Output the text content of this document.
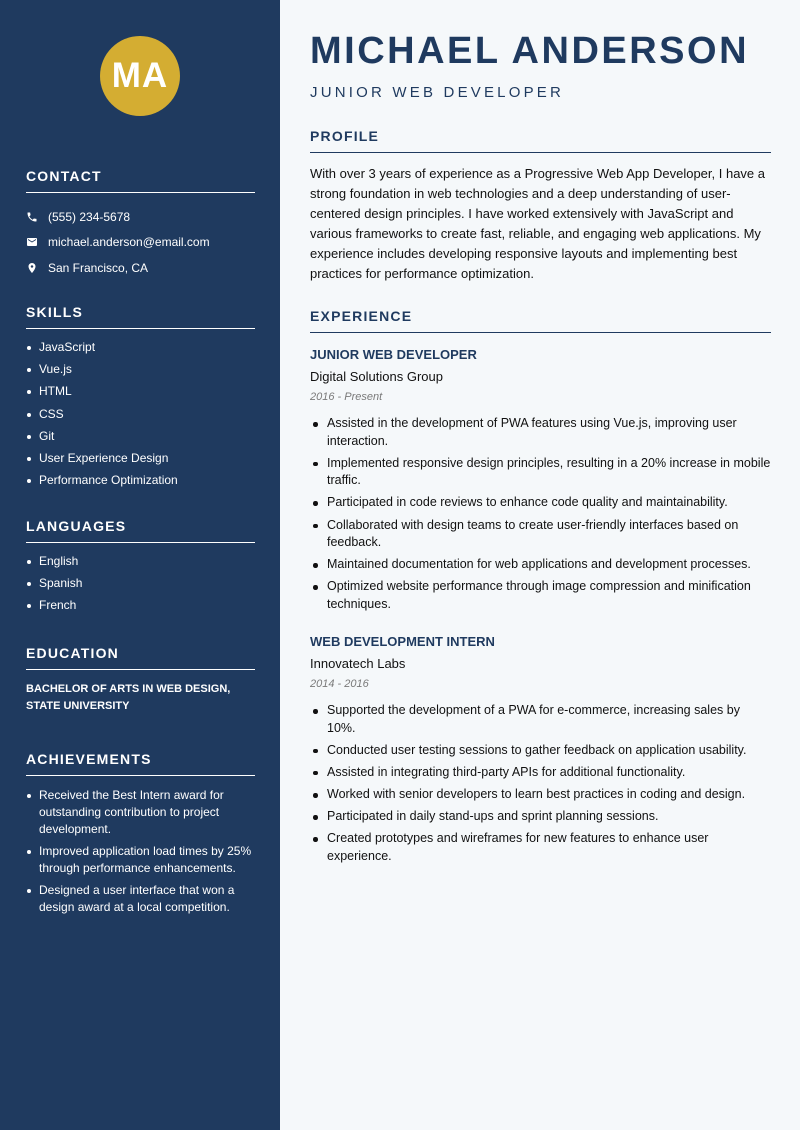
MA
CONTACT
(555) 234-5678
michael.anderson@email.com
San Francisco, CA
SKILLS
JavaScript
Vue.js
HTML
CSS
Git
User Experience Design
Performance Optimization
LANGUAGES
English
Spanish
French
EDUCATION
BACHELOR OF ARTS IN WEB DESIGN, STATE UNIVERSITY
ACHIEVEMENTS
Received the Best Intern award for outstanding contribution to project development.
Improved application load times by 25% through performance enhancements.
Designed a user interface that won a design award at a local competition.
MICHAEL ANDERSON
JUNIOR WEB DEVELOPER
PROFILE

With over 3 years of experience as a Progressive Web App Developer, I have a strong foundation in web technologies and a deep understanding of user-centered design principles. I have worked extensively with JavaScript and various frameworks to create fast, reliable, and engaging web applications. My experience includes developing responsive layouts and implementing best practices for performance optimization.

EXPERIENCE
JUNIOR WEB DEVELOPER
Digital Solutions Group
2016 - Present
Assisted in the development of PWA features using Vue.js, improving user interaction.
Implemented responsive design principles, resulting in a 20% increase in mobile traffic.
Participated in code reviews to enhance code quality and maintainability.
Collaborated with design teams to create user-friendly interfaces based on feedback.
Maintained documentation for web applications and development processes.
Optimized website performance through image compression and minification techniques.
WEB DEVELOPMENT INTERN
Innovatech Labs
2014 - 2016
Supported the development of a PWA for e-commerce, increasing sales by 10%.
Conducted user testing sessions to gather feedback on application usability.
Assisted in integrating third-party APIs for additional functionality.
Worked with senior developers to learn best practices in coding and design.
Participated in daily stand-ups and sprint planning sessions.
Created prototypes and wireframes for new features to enhance user experience.
